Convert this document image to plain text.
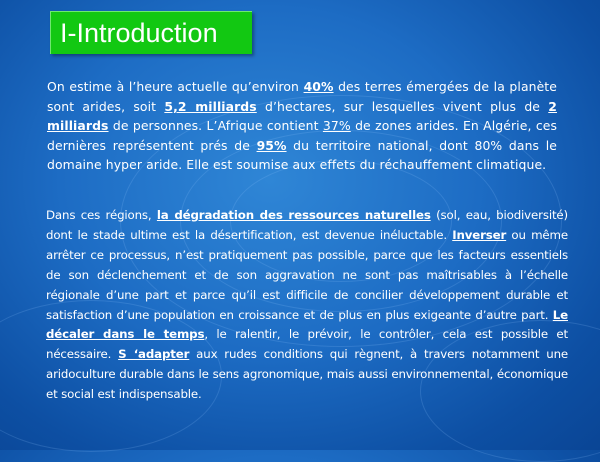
I-Introduction
On estime à l’heure actuelle qu’environ 40% des terres émergées de la planète sont arides, soit 5,2 milliards d’hectares, sur lesquelles vivent plus de 2 milliards de personnes. L’Afrique contient 37% de zones arides. En Algérie, ces dernières représentent prés de 95% du territoire national, dont 80% dans le domaine hyper aride. Elle est soumise aux effets du réchauffement climatique.
Dans ces régions, la dégradation des ressources naturelles (sol, eau, biodiversité) dont le stade ultime est la désertification, est devenue inéluctable. Inverser ou même arrêter ce processus, n’est pratiquement pas possible, parce que les facteurs essentiels de son déclenchement et de son aggravation ne sont pas maîtrisables à l’échelle régionale d’une part et parce qu’il est difficile de concilier développement durable et satisfaction d’une population en croissance et de plus en plus exigeante d’autre part. Le décaler dans le temps, le ralentir, le prévoir, le contrôler, cela est possible et nécessaire. S ‘adapter aux rudes conditions qui règnent, à travers notamment une aridoculture durable dans le sens agronomique, mais aussi environnemental, économique et social est indispensable.
